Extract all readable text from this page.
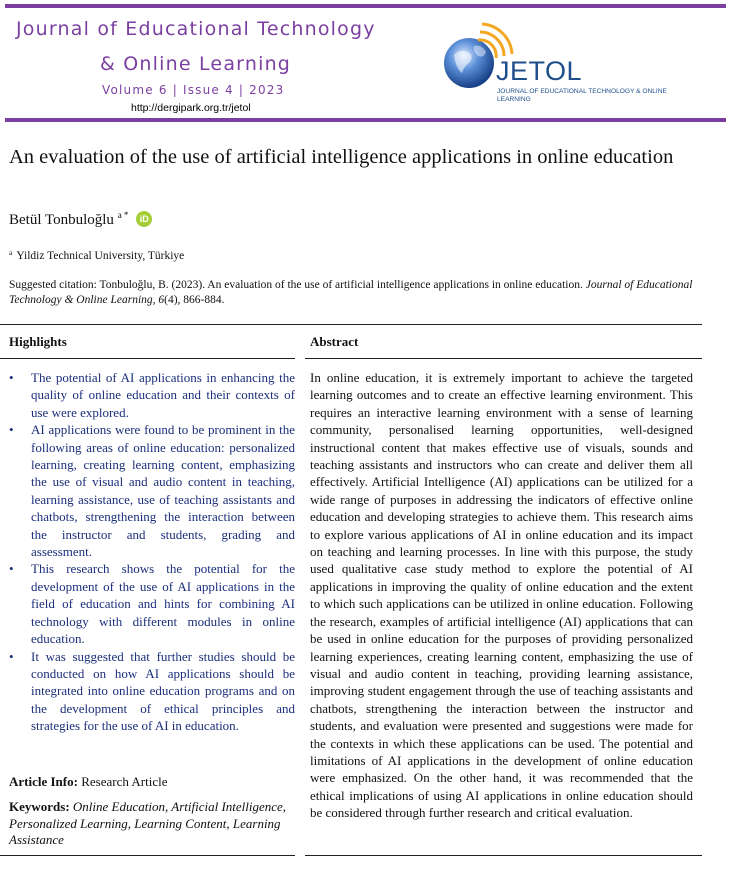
Journal of Educational Technology
& Online Learning
Volume 6 | Issue 4 | 2023
http://dergipark.org.tr/jetol
JETOL
JOURNAL OF EDUCATIONAL TECHNOLOGY & ONLINE LEARNING
An evaluation of the use of artificial intelligence applications in online education
Betül Tonbuloğlu $^{a *}$ iD
$^a$ Yildiz Technical University, Türkiye
Suggested citation: Tonbuloğlu, B. (2023). An evaluation of the use of artificial intelligence applications in online education. Journal of Educational Technology & Online Learning, 6(4), 866-884.
Highlights	Abstract
• The potential of AI applications in enhancing the quality of online education and their contexts of use were explored.
• AI applications were found to be prominent in the following areas of online education: personalized learning, creating learning content, emphasizing the use of visual and audio content in teaching, learning assistance, use of teaching assistants and chatbots, strengthening the interaction between the instructor and students, grading and assessment.
• This research shows the potential for the development of the use of AI applications in the field of education and hints for combining AI technology with different modules in online education.
• It was suggested that further studies should be conducted on how AI applications should be integrated into online education programs and on the development of ethical principles and strategies for the use of AI in education.
Article Info: Research Article
Keywords: Online Education, Artificial Intelligence, Personalized Learning, Learning Content, Learning Assistance
In online education, it is extremely important to achieve the targeted learning outcomes and to create an effective learning environment. This requires an interactive learning environment with a sense of learning community, personalised learning opportunities, well-designed instructional content that makes effective use of visuals, sounds and teaching assistants and instructors who can create and deliver them all effectively. Artificial Intelligence (AI) applications can be utilized for a wide range of purposes in addressing the indicators of effective online education and developing strategies to achieve them. This research aims to explore various applications of AI in online education and its impact on teaching and learning processes. In line with this purpose, the study used qualitative case study method to explore the potential of AI applications in improving the quality of online education and the extent to which such applications can be utilized in online education. Following the research, examples of artificial intelligence (AI) applications that can be used in online education for the purposes of providing personalized learning experiences, creating learning content, emphasizing the use of visual and audio content in teaching, providing learning assistance, improving student engagement through the use of teaching assistants and chatbots, strengthening the interaction between the instructor and students, and evaluation were presented and suggestions were made for the contexts in which these applications can be used. The potential and limitations of AI applications in the development of online education were emphasized. On the other hand, it was recommended that the ethical implications of using AI applications in online education should be considered through further research and critical evaluation.
